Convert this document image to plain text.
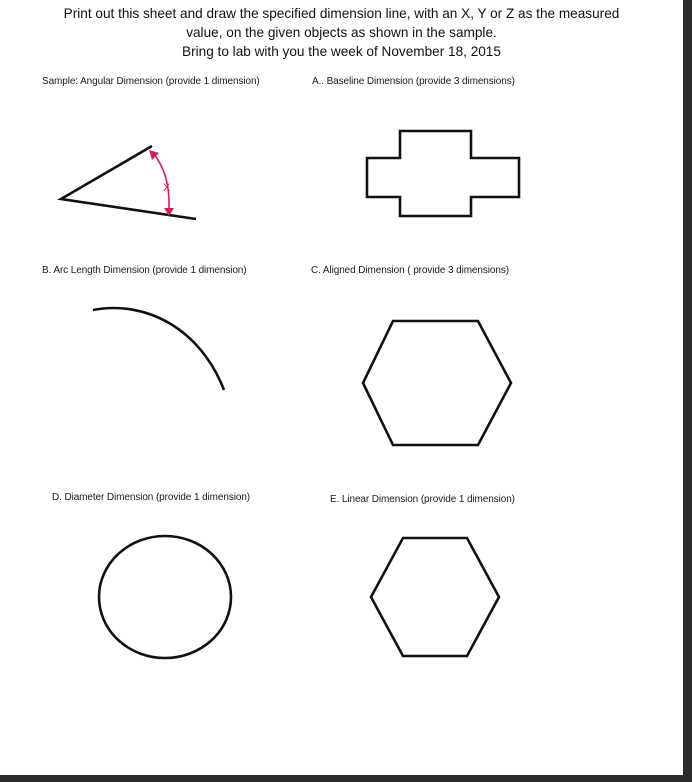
Print out this sheet and draw the specified dimension line, with an X, Y or Z as the measured
value, on the given objects as shown in the sample.
Bring to lab with you the week of November 18, 2015
Sample: Angular Dimension (provide 1 dimension)	A.. Baseline Dimension (provide 3 dimensions)
B. Arc Length Dimension (provide 1 dimension)	C. Aligned Dimension ( provide 3 dimensions)
D. Diameter Dimension (provide 1 dimension)	E. Linear Dimension (provide 1 dimension)
X
